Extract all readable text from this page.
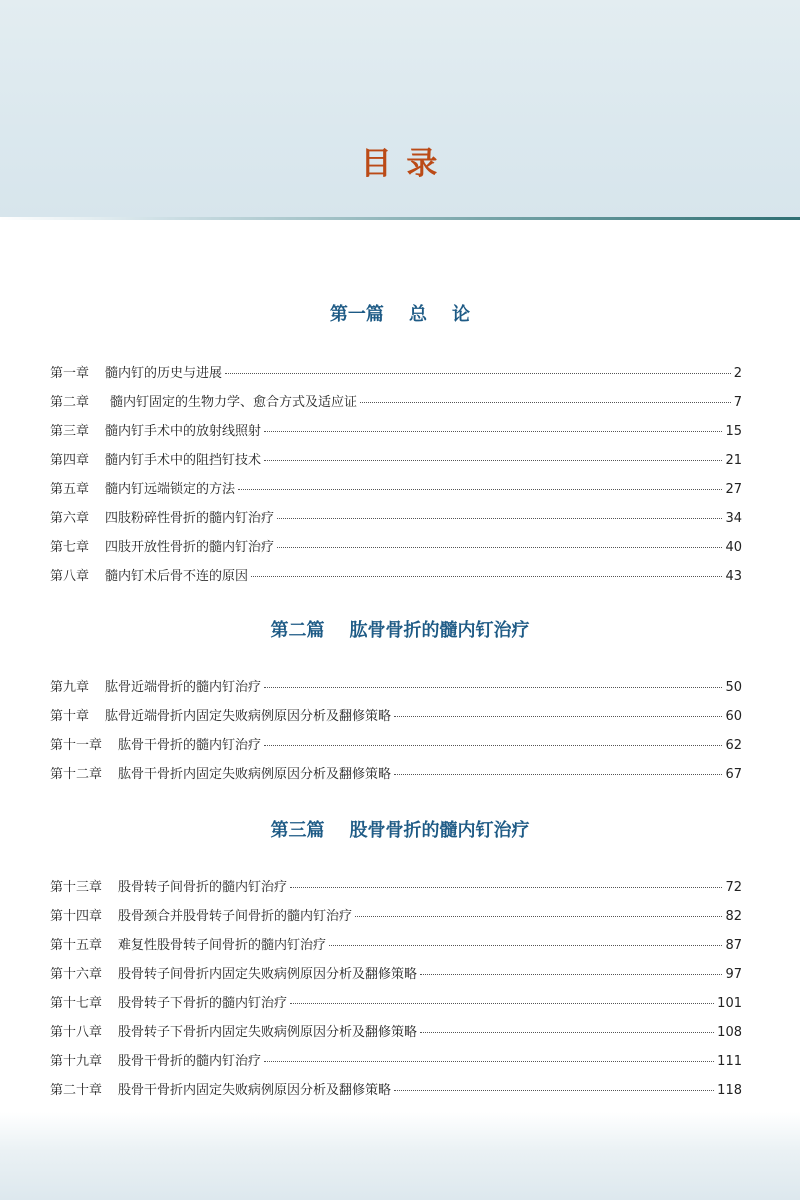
目 录
第一篇    总    论
第一章 髓内钉的历史与进展	2
第二章 髓内钉固定的生物力学、愈合方式及适应证	7
第三章 髓内钉手术中的放射线照射	15
第四章 髓内钉手术中的阻挡钉技术	21
第五章 髓内钉远端锁定的方法	27
第六章 四肢粉碎性骨折的髓内钉治疗	34
第七章 四肢开放性骨折的髓内钉治疗	40
第八章 髓内钉术后骨不连的原因	43
第二篇    肱骨骨折的髓内钉治疗
第九章 肱骨近端骨折的髓内钉治疗	50
第十章 肱骨近端骨折内固定失败病例原因分析及翻修策略	60
第十一章 肱骨干骨折的髓内钉治疗	62
第十二章 肱骨干骨折内固定失败病例原因分析及翻修策略	67
第三篇    股骨骨折的髓内钉治疗
第十三章 股骨转子间骨折的髓内钉治疗	72
第十四章 股骨颈合并股骨转子间骨折的髓内钉治疗	82
第十五章 难复性股骨转子间骨折的髓内钉治疗	87
第十六章 股骨转子间骨折内固定失败病例原因分析及翻修策略	97
第十七章 股骨转子下骨折的髓内钉治疗	101
第十八章 股骨转子下骨折内固定失败病例原因分析及翻修策略	108
第十九章 股骨干骨折的髓内钉治疗	111
第二十章 股骨干骨折内固定失败病例原因分析及翻修策略	118
